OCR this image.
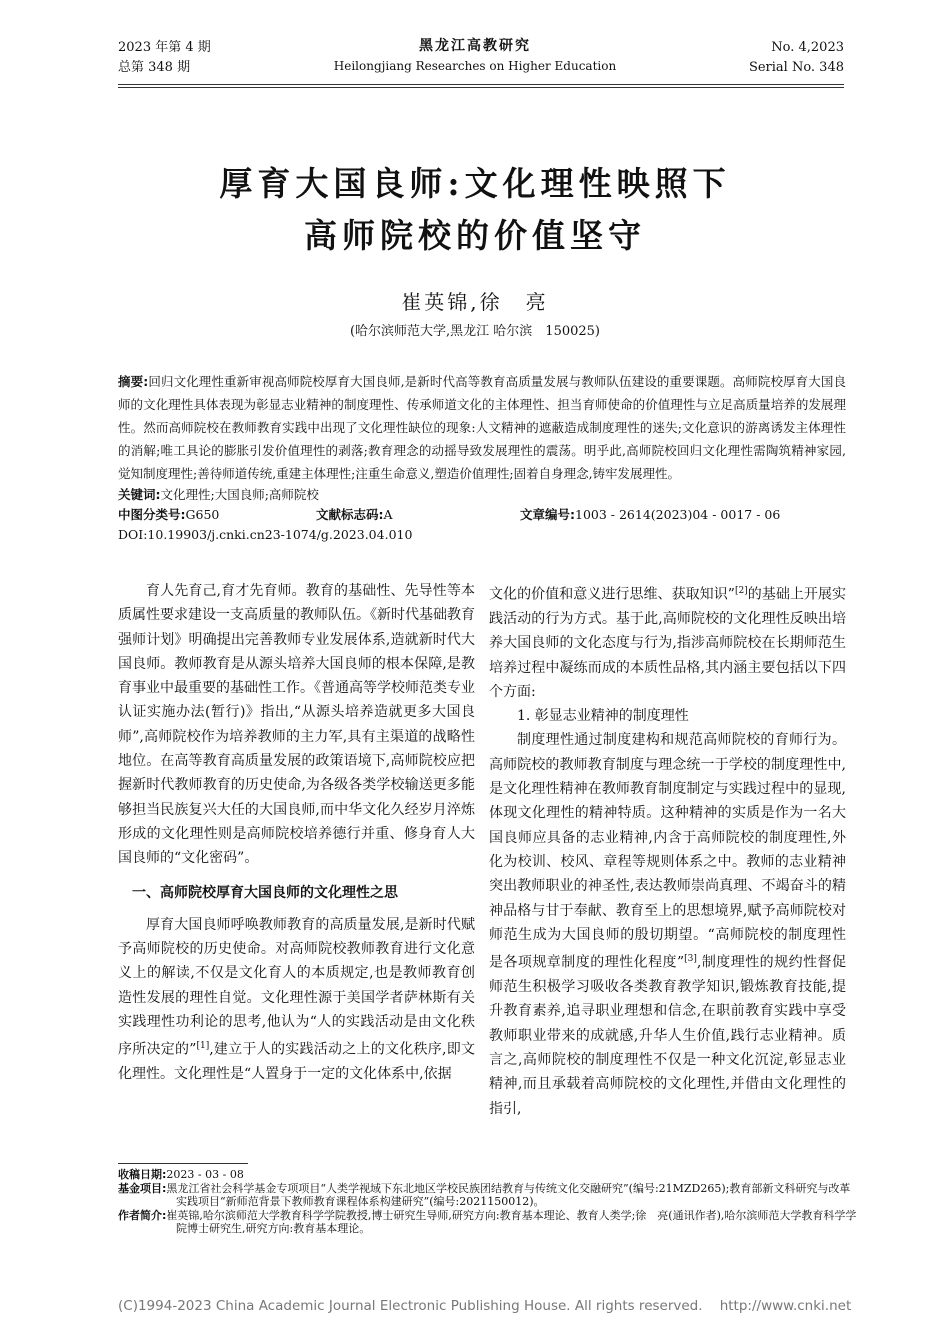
2023 年第 4 期
总第 348 期
黑龙江高教研究
Heilongjiang Researches on Higher Education
No. 4,2023
Serial No. 348
厚育大国良师:文化理性映照下
高师院校的价值坚守
崔英锦,徐　亮
(哈尔滨师范大学,黑龙江 哈尔滨　150025)
摘要:回归文化理性重新审视高师院校厚育大国良师,是新时代高等教育高质量发展与教师队伍建设的重要课题。高师院校厚育大国良师的文化理性具体表现为彰显志业精神的制度理性、传承师道文化的主体理性、担当育师使命的价值理性与立足高质量培养的发展理性。然而高师院校在教师教育实践中出现了文化理性缺位的现象:人文精神的遮蔽造成制度理性的迷失;文化意识的游离诱发主体理性的消解;唯工具论的膨胀引发价值理性的剥落;教育理念的动摇导致发展理性的震荡。明乎此,高师院校回归文化理性需陶筑精神家园,觉知制度理性;善待师道传统,重建主体理性;注重生命意义,塑造价值理性;固着自身理念,铸牢发展理性。
关键词:文化理性;大国良师;高师院校
中图分类号:G650	文献标志码:A	文章编号:1003 - 2614(2023)04 - 0017 - 06
DOI:10.19903/j.cnki.cn23-1074/g.2023.04.010

育人先育己,育才先育师。教育的基础性、先导性等本质属性要求建设一支高质量的教师队伍。《新时代基础教育强师计划》明确提出完善教师专业发展体系,造就新时代大国良师。教师教育是从源头培养大国良师的根本保障,是教育事业中最重要的基础性工作。《普通高等学校师范类专业认证实施办法(暂行)》指出,“从源头培养造就更多大国良师”,高师院校作为培养教师的主力军,具有主渠道的战略性地位。在高等教育高质量发展的政策语境下,高师院校应把握新时代教师教育的历史使命,为各级各类学校输送更多能够担当民族复兴大任的大国良师,而中华文化久经岁月淬炼形成的文化理性则是高师院校培养德行并重、修身育人大国良师的“文化密码”。

一、高师院校厚育大国良师的文化理性之思

厚育大国良师呼唤教师教育的高质量发展,是新时代赋予高师院校的历史使命。对高师院校教师教育进行文化意义上的解读,不仅是文化育人的本质规定,也是教师教育创造性发展的理性自觉。文化理性源于美国学者萨林斯有关实践理性功利论的思考,他认为“人的实践活动是由文化秩序所决定的”[1],建立于人的实践活动之上的文化秩序,即文化理性。文化理性是“人置身于一定的文化体系中,依据

文化的价值和意义进行思维、获取知识”[2]的基础上开展实践活动的行为方式。基于此,高师院校的文化理性反映出培养大国良师的文化态度与行为,指涉高师院校在长期师范生培养过程中凝练而成的本质性品格,其内涵主要包括以下四个方面:

1. 彰显志业精神的制度理性

制度理性通过制度建构和规范高师院校的育师行为。高师院校的教师教育制度与理念统一于学校的制度理性中,是文化理性精神在教师教育制度制定与实践过程中的显现,体现文化理性的精神特质。这种精神的实质是作为一名大国良师应具备的志业精神,内含于高师院校的制度理性,外化为校训、校风、章程等规则体系之中。教师的志业精神突出教师职业的神圣性,表达教师崇尚真理、不竭奋斗的精神品格与甘于奉献、教育至上的思想境界,赋予高师院校对师范生成为大国良师的殷切期望。“高师院校的制度理性是各项规章制度的理性化程度”[3],制度理性的规约性督促师范生积极学习吸收各类教育教学知识,锻炼教育技能,提升教育素养,追寻职业理想和信念,在职前教育实践中享受教师职业带来的成就感,升华人生价值,践行志业精神。质言之,高师院校的制度理性不仅是一种文化沉淀,彰显志业精神,而且承载着高师院校的文化理性,并借由文化理性的指引,

收稿日期:2023 - 03 - 08
基金项目:黑龙江省社会科学基金专项项目“人类学视域下东北地区学校民族团结教育与传统文化交融研究”(编号:21MZD265);教育部新文科研究与改革实践项目“新师范背景下教师教育课程体系构建研究”(编号:2021150012)。
作者简介:崔英锦,哈尔滨师范大学教育科学学院教授,博士研究生导师,研究方向:教育基本理论、教育人类学;徐　亮(通讯作者),哈尔滨师范大学教育科学学院博士研究生,研究方向:教育基本理论。
(C)1994-2023 China Academic Journal Electronic Publishing House. All rights reserved.    http://www.cnki.net
